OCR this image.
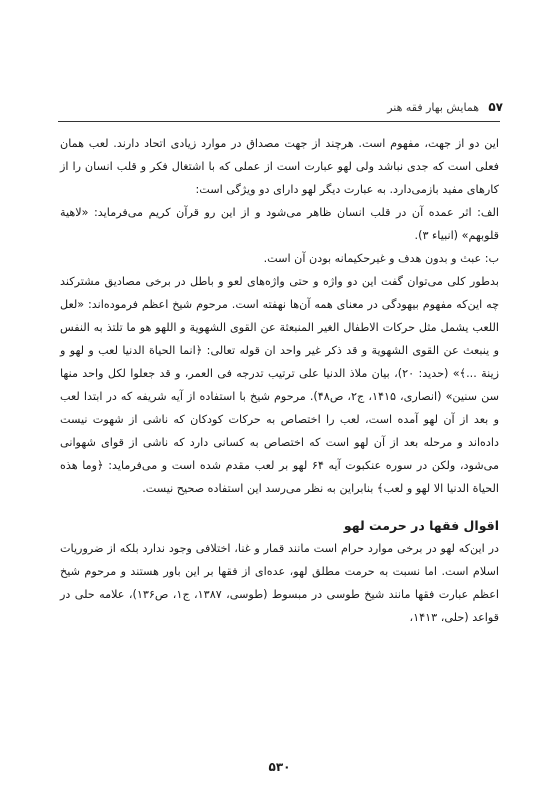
۵۷
همایش بهار فقه هنر

این دو از جهت، مفهوم است. هرچند از جهت مصداق در موارد زیادی اتحاد دارند. لعب همان فعلی است که جدی نباشد ولی لهو عبارت است از عملی که با اشتغال فکر و قلب انسان را از کارهای مفید بازمی‌دارد. به عبارت دیگر لهو دارای دو ویژگی است:

الف: اثر عمده آن در قلب انسان ظاهر می‌شود و از این رو قرآن کریم می‌فرماید: «لاهیة قلوبهم» (انبیاء ۳).

ب: عبث و بدون هدف و غیرحکیمانه بودن آن است.

بدطور کلی می‌توان گفت این دو واژه و حتی واژه‌های لعو و باطل در برخی مصادیق مشترکند چه این‌که مفهوم بیهودگی در معنای همه آن‌ها نهفته است. مرحوم شیخ اعظم فرموده‌اند: «لعل اللعب یشمل مثل حرکات الاطفال الغیر المنبعثة عن القوی الشهویة و اللهو هو ما تلتذ به النفس و ینبعث عن القوی الشهویة و قد ذکر غیر واحد ان قوله تعالی: ﴿انما الحیاة الدنیا لعب و لهو و زینة ...﴾» (حدید: ۲۰)، بیان ملاذ الدنیا علی ترتیب تدرجه فی العمر، و قد جعلوا لکل واحد منها سن سنین» (انصاری، ۱۴۱۵، ج۲، ص۴۸). مرحوم شیخ با استفاده از آیه شریفه که در ابتدا لعب و بعد از آن لهو آمده است، لعب را اختصاص به حرکات کودکان که ناشی از شهوت نیست داده‌اند و مرحله بعد از آن لهو است که اختصاص به کسانی دارد که ناشی از قوای شهوانی می‌شود، ولکن در سوره عنکبوت آیه ۶۴ لهو بر لعب مقدم شده است و می‌فرماید: ﴿وما هذه الحیاة الدنیا الا لهو و لعب﴾ بنابراین به نظر می‌رسد این استفاده صحیح نیست.

اقوال فقها در حرمت لهو

در این‌که لهو در برخی موارد حرام است مانند قمار و غنا، اختلافی وجود ندارد بلکه از ضروریات اسلام است. اما نسبت به حرمت مطلق لهو، عده‌ای از فقها بر این باور هستند و مرحوم شیخ اعظم عبارت فقها مانند شیخ طوسی در مبسوط (طوسی، ۱۳۸۷، ج۱، ص۱۳۶)، علامه حلی در قواعد (حلی، ۱۴۱۳،

۵۳۰
